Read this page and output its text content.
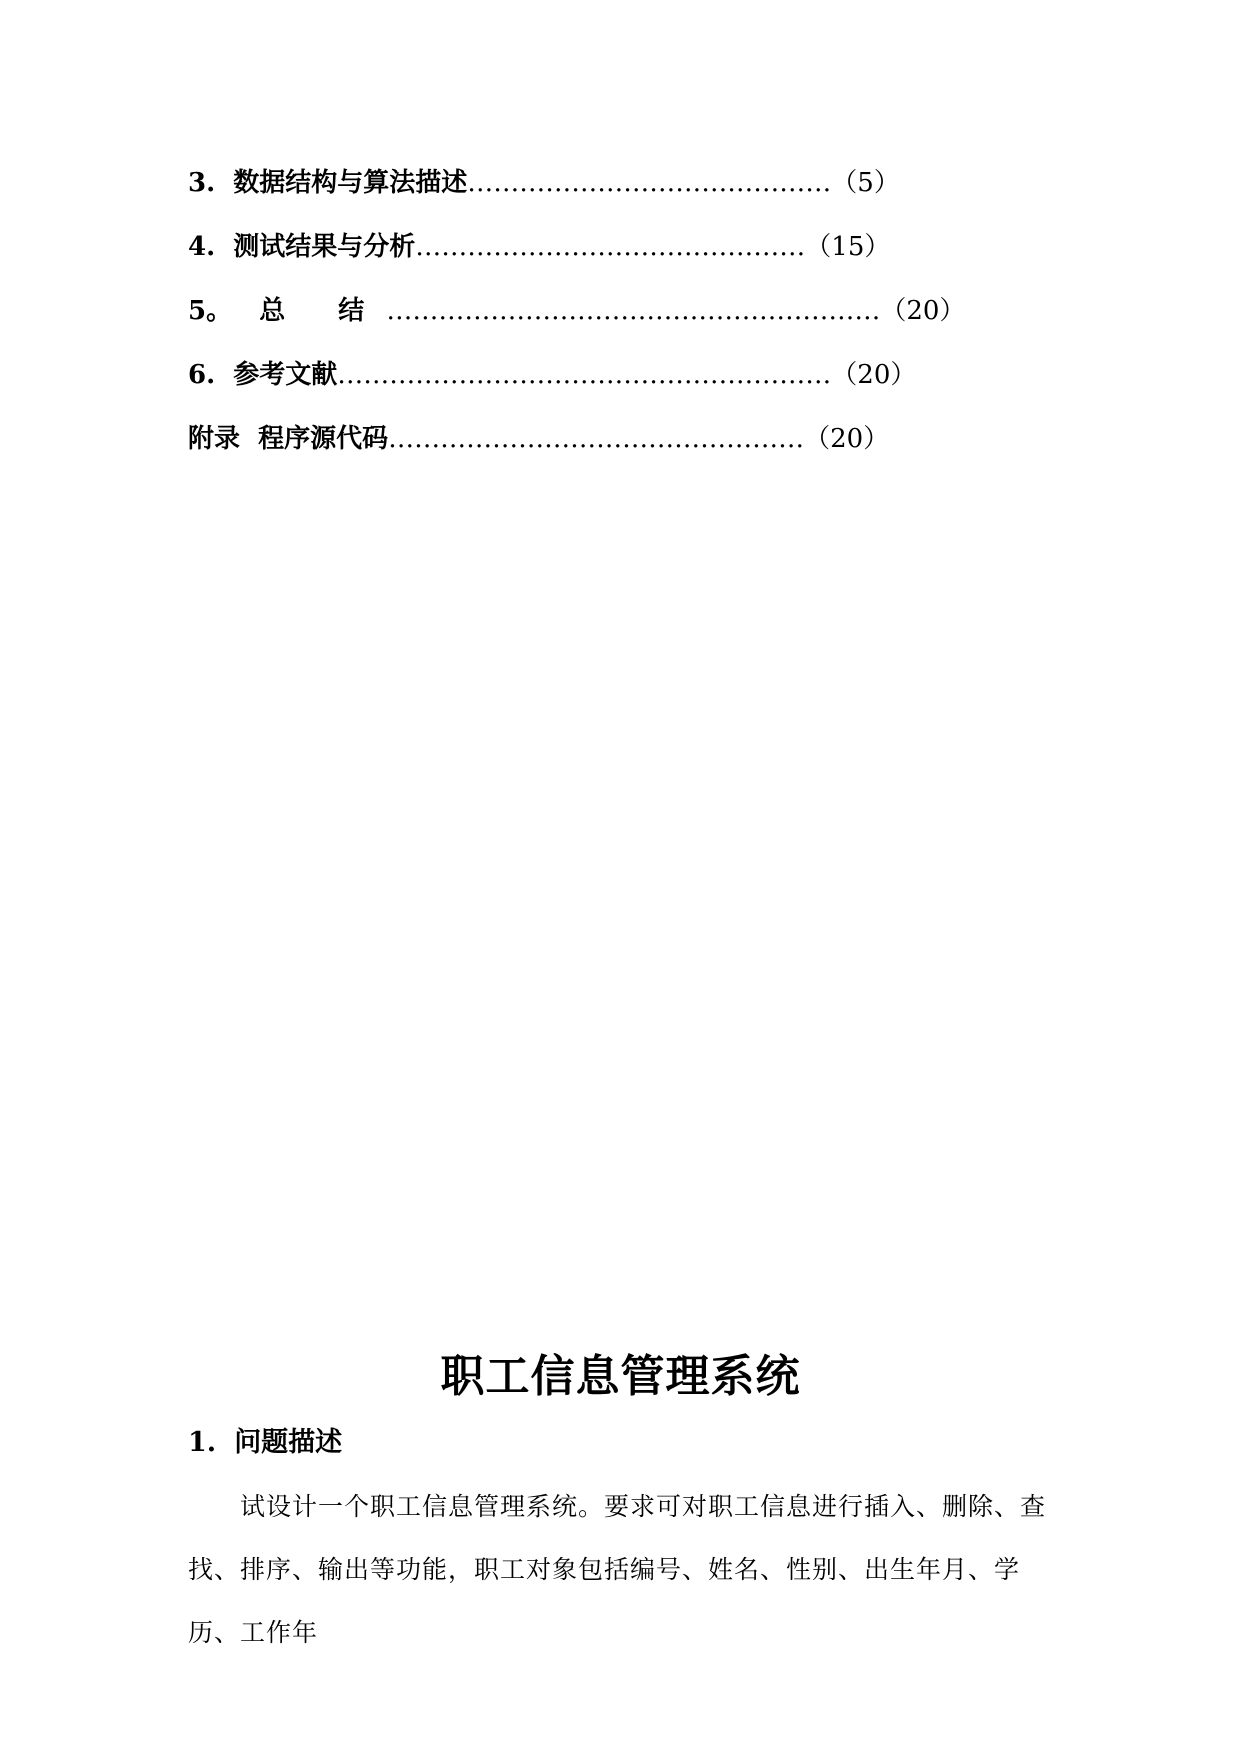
3. 数据结构与算法描述……………………………………（5）
4. 测试结果与分析………………………………………（15）
5。 总 结…………………………………………………（20）
6. 参考文献…………………………………………………（20）
附录 程序源代码…………………………………………（20）
职工信息管理系统
1. 问题描述
试设计一个职工信息管理系统。要求可对职工信息进行插入、删除、查找、排序、输出等功能，职工对象包括编号、姓名、性别、出生年月、学历、工作年
